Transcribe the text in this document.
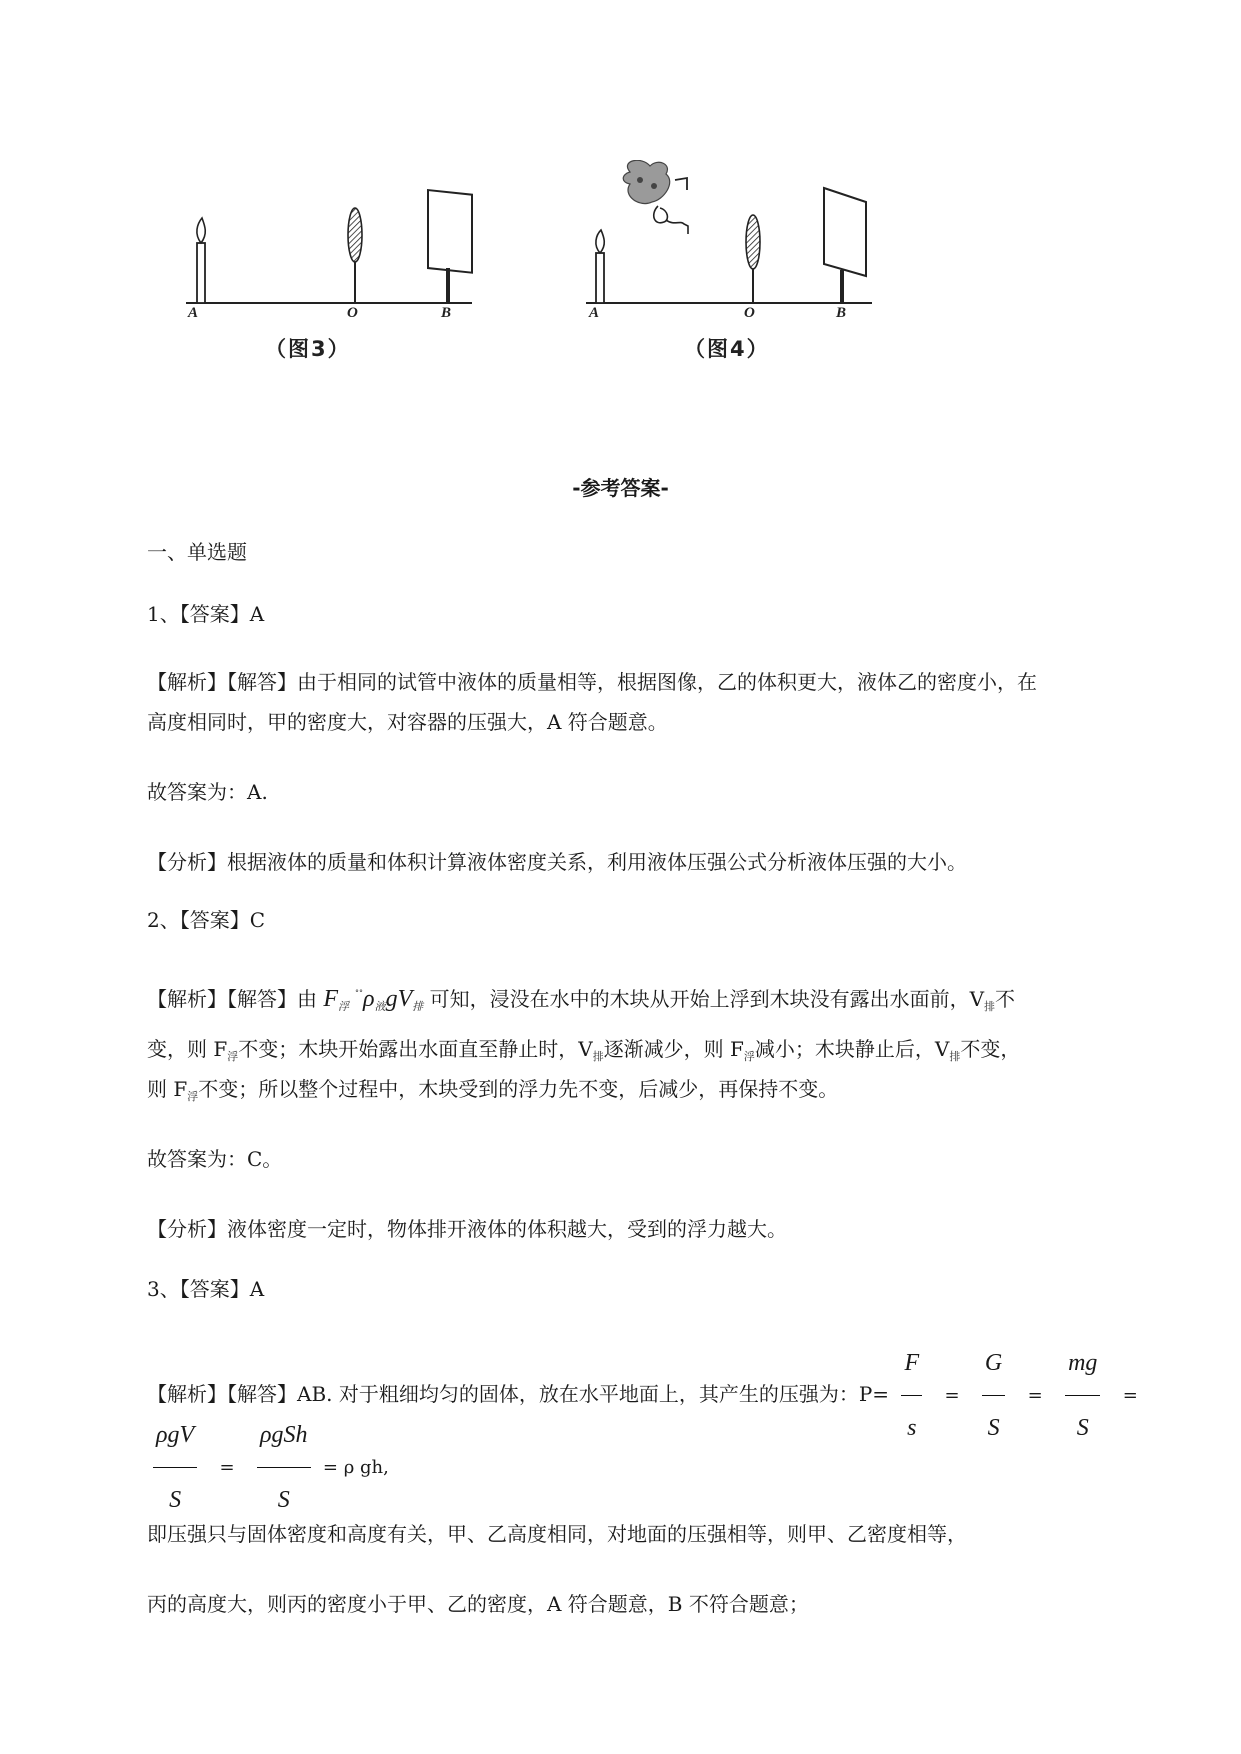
A	O	B
（图3）
A	O	B
（图4）
-参考答案-
一、单选题
1、【答案】A
【解析】【解答】由于相同的试管中液体的质量相等，根据图像，乙的体积更大，液体乙的密度小，在
高度相同时，甲的密度大，对容器的压强大，A 符合题意。
故答案为：A.
【分析】根据液体的质量和体积计算液体密度关系，利用液体压强公式分析液体压强的大小。
2、【答案】C
【解析】【解答】由 $F_浮$ $^{˚˚}\rho_液gV_排$ 可知，浸没在水中的木块从开始上浮到木块没有露出水面前，$V_排$不
变，则 $F_浮$不变；木块开始露出水面直至静止时，$V_排$逐渐减少，则 $F_浮$减小；木块静止后，$V_排$不变，
则 $F_浮$不变；所以整个过程中，木块受到的浮力先不变，后减少，再保持不变。
故答案为：C。
【分析】液体密度一定时，物体排开液体的体积越大，受到的浮力越大。
3、【答案】A
【解析】【解答】AB. 对于粗细均匀的固体，放在水平地面上，其产生的压强为：$P= \frac{F}{s} = \frac{G}{S} = \frac{mg}{S}$ =
$\frac{\text{ρgV}}{S} = \frac{\text{ρgSh}}{S} = \rho$ gh,
即压强只与固体密度和高度有关，甲、乙高度相同，对地面的压强相等，则甲、乙密度相等，
丙的高度大，则丙的密度小于甲、乙的密度，A 符合题意，B 不符合题意；
